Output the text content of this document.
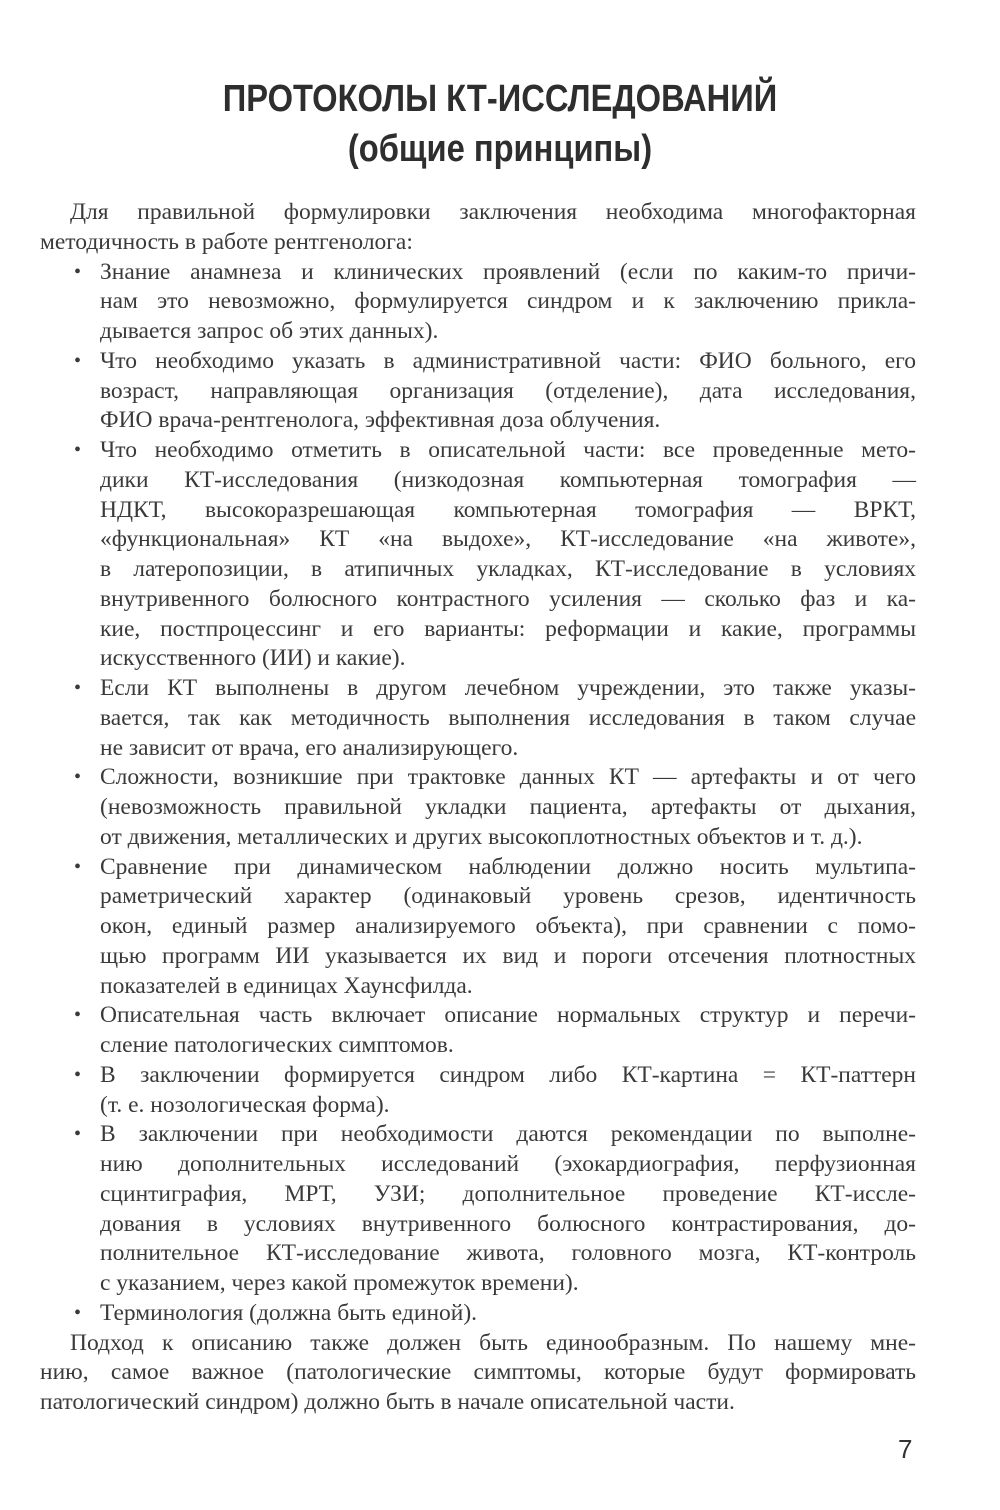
ПРОТОКОЛЫ КТ-ИССЛЕДОВАНИЙ
(общие принципы)
Для правильной формулировки заключения необходима многофакторная
методичность в работе рентгенолога:
• Знание анамнеза и клинических проявлений (если по каким-то причи-
нам это невозможно, формулируется синдром и к заключению прикла-
дывается запрос об этих данных).
• Что необходимо указать в административной части: ФИО больного, его
возраст, направляющая организация (отделение), дата исследования,
ФИО врача-рентгенолога, эффективная доза облучения.
• Что необходимо отметить в описательной части: все проведенные мето-
дики КТ-исследования (низкодозная компьютерная томография —
НДКТ, высокоразрешающая компьютерная томография — ВРКТ,
«функциональная» КТ «на выдохе», КТ-исследование «на животе»,
в латеропозиции, в атипичных укладках, КТ-исследование в условиях
внутривенного болюсного контрастного усиления — сколько фаз и ка-
кие, постпроцессинг и его варианты: реформации и какие, программы
искусственного (ИИ) и какие).
• Если КТ выполнены в другом лечебном учреждении, это также указы-
вается, так как методичность выполнения исследования в таком случае
не зависит от врача, его анализирующего.
• Сложности, возникшие при трактовке данных КТ — артефакты и от чего
(невозможность правильной укладки пациента, артефакты от дыхания,
от движения, металлических и других высокоплотностных объектов и т. д.).
• Сравнение при динамическом наблюдении должно носить мультипа-
раметрический характер (одинаковый уровень срезов, идентичность
окон, единый размер анализируемого объекта), при сравнении с помо-
щью программ ИИ указывается их вид и пороги отсечения плотностных
показателей в единицах Хаунсфилда.
• Описательная часть включает описание нормальных структур и перечи-
сление патологических симптомов.
• В заключении формируется синдром либо КТ-картина = КТ-паттерн
(т. е. нозологическая форма).
• В заключении при необходимости даются рекомендации по выполне-
нию дополнительных исследований (эхокардиография, перфузионная
сцинтиграфия, МРТ, УЗИ; дополнительное проведение КТ-иссле-
дования в условиях внутривенного болюсного контрастирования, до-
полнительное КТ-исследование живота, головного мозга, КТ-контроль
с указанием, через какой промежуток времени).
• Терминология (должна быть единой).
Подход к описанию также должен быть единообразным. По нашему мне-
нию, самое важное (патологические симптомы, которые будут формировать
патологический синдром) должно быть в начале описательной части.
7
